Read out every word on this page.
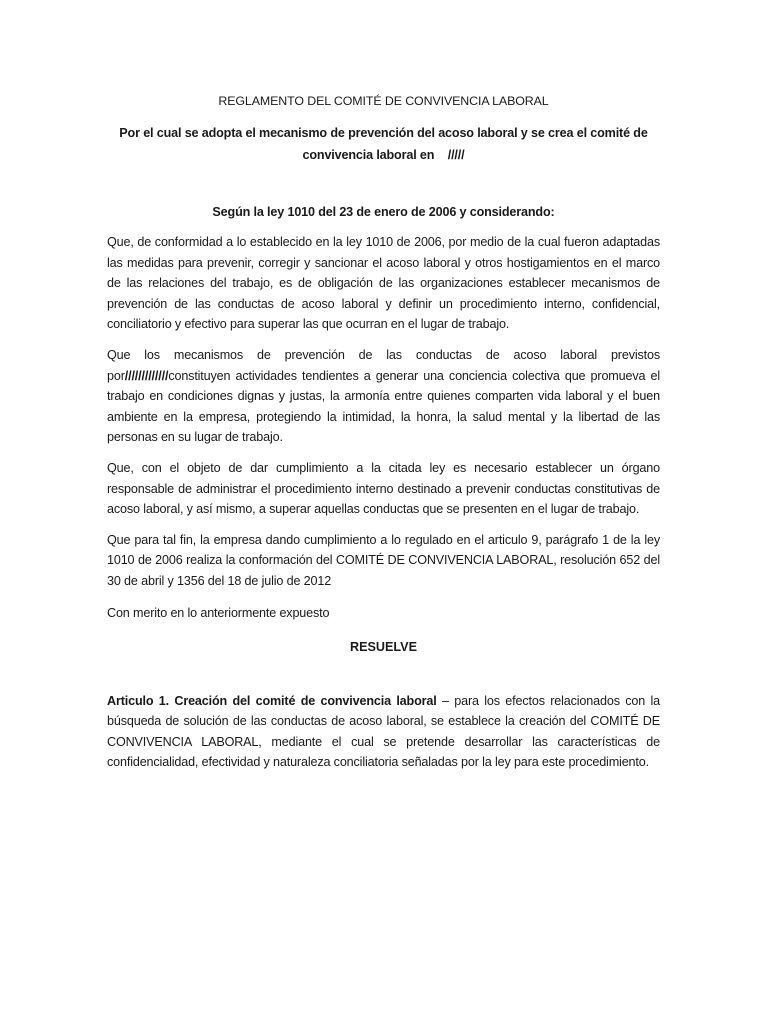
REGLAMENTO DEL COMITÉ DE CONVIVENCIA LABORAL

Por el cual se adopta el mecanismo de prevención del acoso laboral y se crea el comité de
convivencia laboral en /////

Según la ley 1010 del 23 de enero de 2006 y considerando:

Que, de conformidad a lo establecido en la ley 1010 de 2006, por medio de la cual fueron adaptadas las medidas para prevenir, corregir y sancionar el acoso laboral y otros hostigamientos en el marco de las relaciones del trabajo, es de obligación de las organizaciones establecer mecanismos de prevención de las conductas de acoso laboral y definir un procedimiento interno, confidencial, conciliatorio y efectivo para superar las que ocurran en el lugar de trabajo.

Que los mecanismos de prevención de las conductas de acoso laboral previstos por/////////////constituyen actividades tendientes a generar una conciencia colectiva que promueva el trabajo en condiciones dignas y justas, la armonía entre quienes comparten vida laboral y el buen ambiente en la empresa, protegiendo la intimidad, la honra, la salud mental y la libertad de las personas en su lugar de trabajo.

Que, con el objeto de dar cumplimiento a la citada ley es necesario establecer un órgano responsable de administrar el procedimiento interno destinado a prevenir conductas constitutivas de acoso laboral, y así mismo, a superar aquellas conductas que se presenten en el lugar de trabajo.

Que para tal fin, la empresa dando cumplimiento a lo regulado en el articulo 9, parágrafo 1 de la ley 1010 de 2006 realiza la conformación del COMITÉ DE CONVIVENCIA LABORAL, resolución 652 del 30 de abril y 1356 del 18 de julio de 2012

Con merito en lo anteriormente expuesto

RESUELVE

Articulo 1. Creación del comité de convivencia laboral – para los efectos relacionados con la búsqueda de solución de las conductas de acoso laboral, se establece la creación del COMITÉ DE CONVIVENCIA LABORAL, mediante el cual se pretende desarrollar las características de confidencialidad, efectividad y naturaleza conciliatoria señaladas por la ley para este procedimiento.
